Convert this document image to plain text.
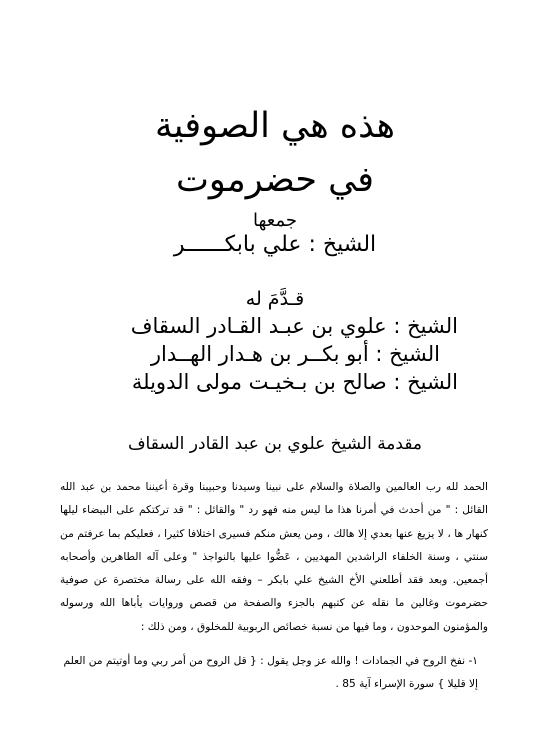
هذه هي الصوفية
في حضرموت
جمعها
الشيخ : علي بابكــــــر
قـدَّمَ له
الشيخ : علوي بن عبـد القـادر السقاف
الشيخ : أبو بكــر بن هـدار الهــدار
الشيخ : صالح بن بـخيـت مولى الدويلة
مقدمة الشيخ علوي بن عبد القادر السقاف

الحمد لله رب العالمين والصلاة والسلام على نبينا وسيدنا وحبيبنا وقرة أعيننا محمد بن عبد الله القائل : " من أحدث في أمرنا هذا ما ليس منه فهو رد " والقائل : " قد تركتكم على البيضاء ليلها كنهار ها ، لا يزيغ عنها بعدي إلا هالك ، ومن يعش منكم فسيرى اختلافا كثيرا ، فعليكم بما عرفتم من سنتي ، وسنة الخلفاء الراشدين المهديين ، عَضُّوا عليها بالنواجذ " وعلى آله الطاهرين وأصحابه أجمعين. وبعد فقد أطلعني الأخ الشيخ علي بابكر – وفقه الله على رسالة مختصرة عن صوفية حضرموت وغالين ما نقله عن كتبهم بالجزء والصفحة من قصص وروايات يأباها الله ورسوله والمؤمنون الموحدون ، وما فيها من نسبة خصائص الربوبية للمخلوق ، ومن ذلك :

١- نفخ الروح في الجمادات ! والله عز وجل يقول : { قل الروح من أمر ربي وما أوتيتم من العلم إلا قليلا } سورة الإسراء آية 85 .
